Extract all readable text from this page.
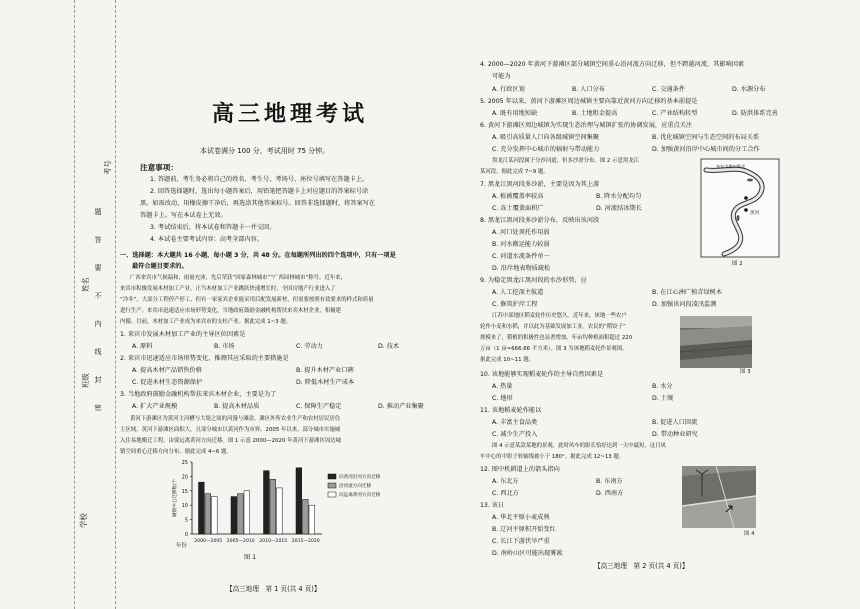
考号
姓名
班级
学校
题
答
要
不
内
线
封
密
高三地理考试
本试卷满分 100 分，考试用时 75 分钟。
注意事项：
1. 答题前，考生务必将自己的姓名、考生号、考场号、座位号填写在答题卡上。
2. 回答选择题时，选出每小题答案后，用铅笔把答题卡上对应题目的答案标号涂
黑。如需改动，用橡皮擦干净后，再选涂其他答案标号。回答非选择题时，将答案写在
答题卡上。写在本试卷上无效。
3. 考试结束后，将本试卷和答题卡一并交回。
4. 本试卷主要考试内容：高考全部内容。
一、选择题：本大题共 16 小题，每小题 3 分，共 48 分。在每题所列出的四个选项中，只有一项是
最符合题目要求的。
广西来宾市气候温和，雨量充沛，先后荣获“国家森林城市”“广西园林城市”称号。近年来，
来宾市积极发展木材加工产业。正当木材加工产业跳跃快速增长时，全国房地产行业进入了
“冷冬”，大部分工程停产停工，但有一家家宾企业能采用后配发展新材，但需要按照有效要求的样式和质量
进行生产。来宾市迅速适应市场形势变化，当地政府鼓励金融机构帮扶来宾木材企业，积极建
内循。目前，木材加工产业成为来宾市的支柱产业。据此完成 1~3 题。
1. 来宾市发展木材加工产业的主导区位因素是
A. 原料	B. 市场	C. 劳动力	D. 技术
2. 来宾市迅速适应市场形势变化，推测其应采取的主要措施是
A. 提高木材产品销售价格	B. 提升木材产业口碑
C. 促进木材生态资源保护	D. 降低木材生产成本
3. 当地政府鼓励金融机构帮扶来宾木材企业，主要是为了
A. 扩大产业规模	B. 提高木材品质	C. 保障生产稳定	D. 推动产业集聚
黄河下游滩区为黄河主河槽与大堤之间的河漫与滩涂，滩区外所农业生产和农村居民居住
主区域。黄河下游滩区面积大，且部分城市以黄河作为市界。2005 年以来，部分城市实施城
入住易地搬迁工程，由要远离黄河方向迁移。图 1 示意 2000—2020 年黄河下游滩区周边城
镇空间重心迁移方向分布。据此完成 4~6 题。
0
5
10
15
20
25
城镇中心迁移数/个
2000—2005 2005—2010 2010—2015 2015—2020
向黄河沿河方向迁移
沿河流方向迁移
向远离黄河方向迁移
年份
图 1
【高三地理　第 1 页(共 4 页)】
4. 2000—2020 年黄河下游滩区部分城镇空间重心沿河流方向迁移，但不跨越河流，其影响因素
可能为
A. 行政区划	B. 人口分布	C. 交通条件	D. 水源分布
5. 2005 年以来，黄河下游滩区周边城镇主要向靠近黄河方向迁移的基本前提是
A. 既有用地短缺	B. 土地租金提高	C. 产业结构转型	D. 防洪体系完善
6. 黄河下游滩区周边城镇为实现生态治理与城镇扩张的协调发展，应重点关注
A. 吸引高质量人口向各级城镇空间集聚	B. 优化城镇空间与生态空间的布局关系
C. 充分发挥中心城市的辐射与带动能力	D. 加强黄河沿岸中心城市间的分工合作
黑龙江某河段属于分沙河道，但多沙淤分布。图 2 示意黑龙江
某河段。据此完成 7~9 题。
布拉戈维申斯克
黑河
图 2
7. 黑龙江黑河段多沙淤，主要是因为其上游
A. 植被覆盖率较高	B. 降水分配均匀
C. 冻土覆盖面积广	D. 河流结冰期长
8. 黑龙江黑河段多沙淤分布，反映出该河段
A. 河口处顶托作用弱
B. 河水搬运能力较弱
C. 河道水流条件单一
D. 沿岸地表物质疏松
9. 为稳定黑龙江黑河段的水沙形势，应
A. 人工挖深主航道	B. 在江心洲广植青绿树木
C. 修筑护岸工程	D. 加强该河段凌汛监测
江苏中部地区稻麦轮作历史悠久。近年来，该地一些农户
轮作小麦和水稻，并以此为基础发展加工业。农民的“稻饺子”
规模来了，稻植的积极性也显著增加，年亩均种植面积超过 220
万亩（1 亩≈666.66 平方米）。图 3 为该地稻麦轮作景观图。
据此完成 10~11 题。
图 3
10. 该地能够实现稻麦轮作的主导自然因素是
A. 热量	B. 水分
C. 地形	D. 土壤
11. 该地稻麦轮作能以
A. 丰富主食品类	B. 促进人口回流
C. 减少生产投入	D. 带动种业研究
图 4 示意某款某地的景观，此时风车的影长恰好达到一天中最短，这日风
车中心的中影子转轴线被小于 180°。据此完成 12~13 题。
12. 图中机耕道上的箭头指向
A. 东北方	B. 东南方
C. 西北方	D. 西南方
13. 该日
A. 华北平原小麦成熟
B. 辽河平原积开始变红
C. 长江下游伏旱严重
D. 南岭山区可能出现雾凇
图 4
【高三地理　第 2 页(共 4 页)】
